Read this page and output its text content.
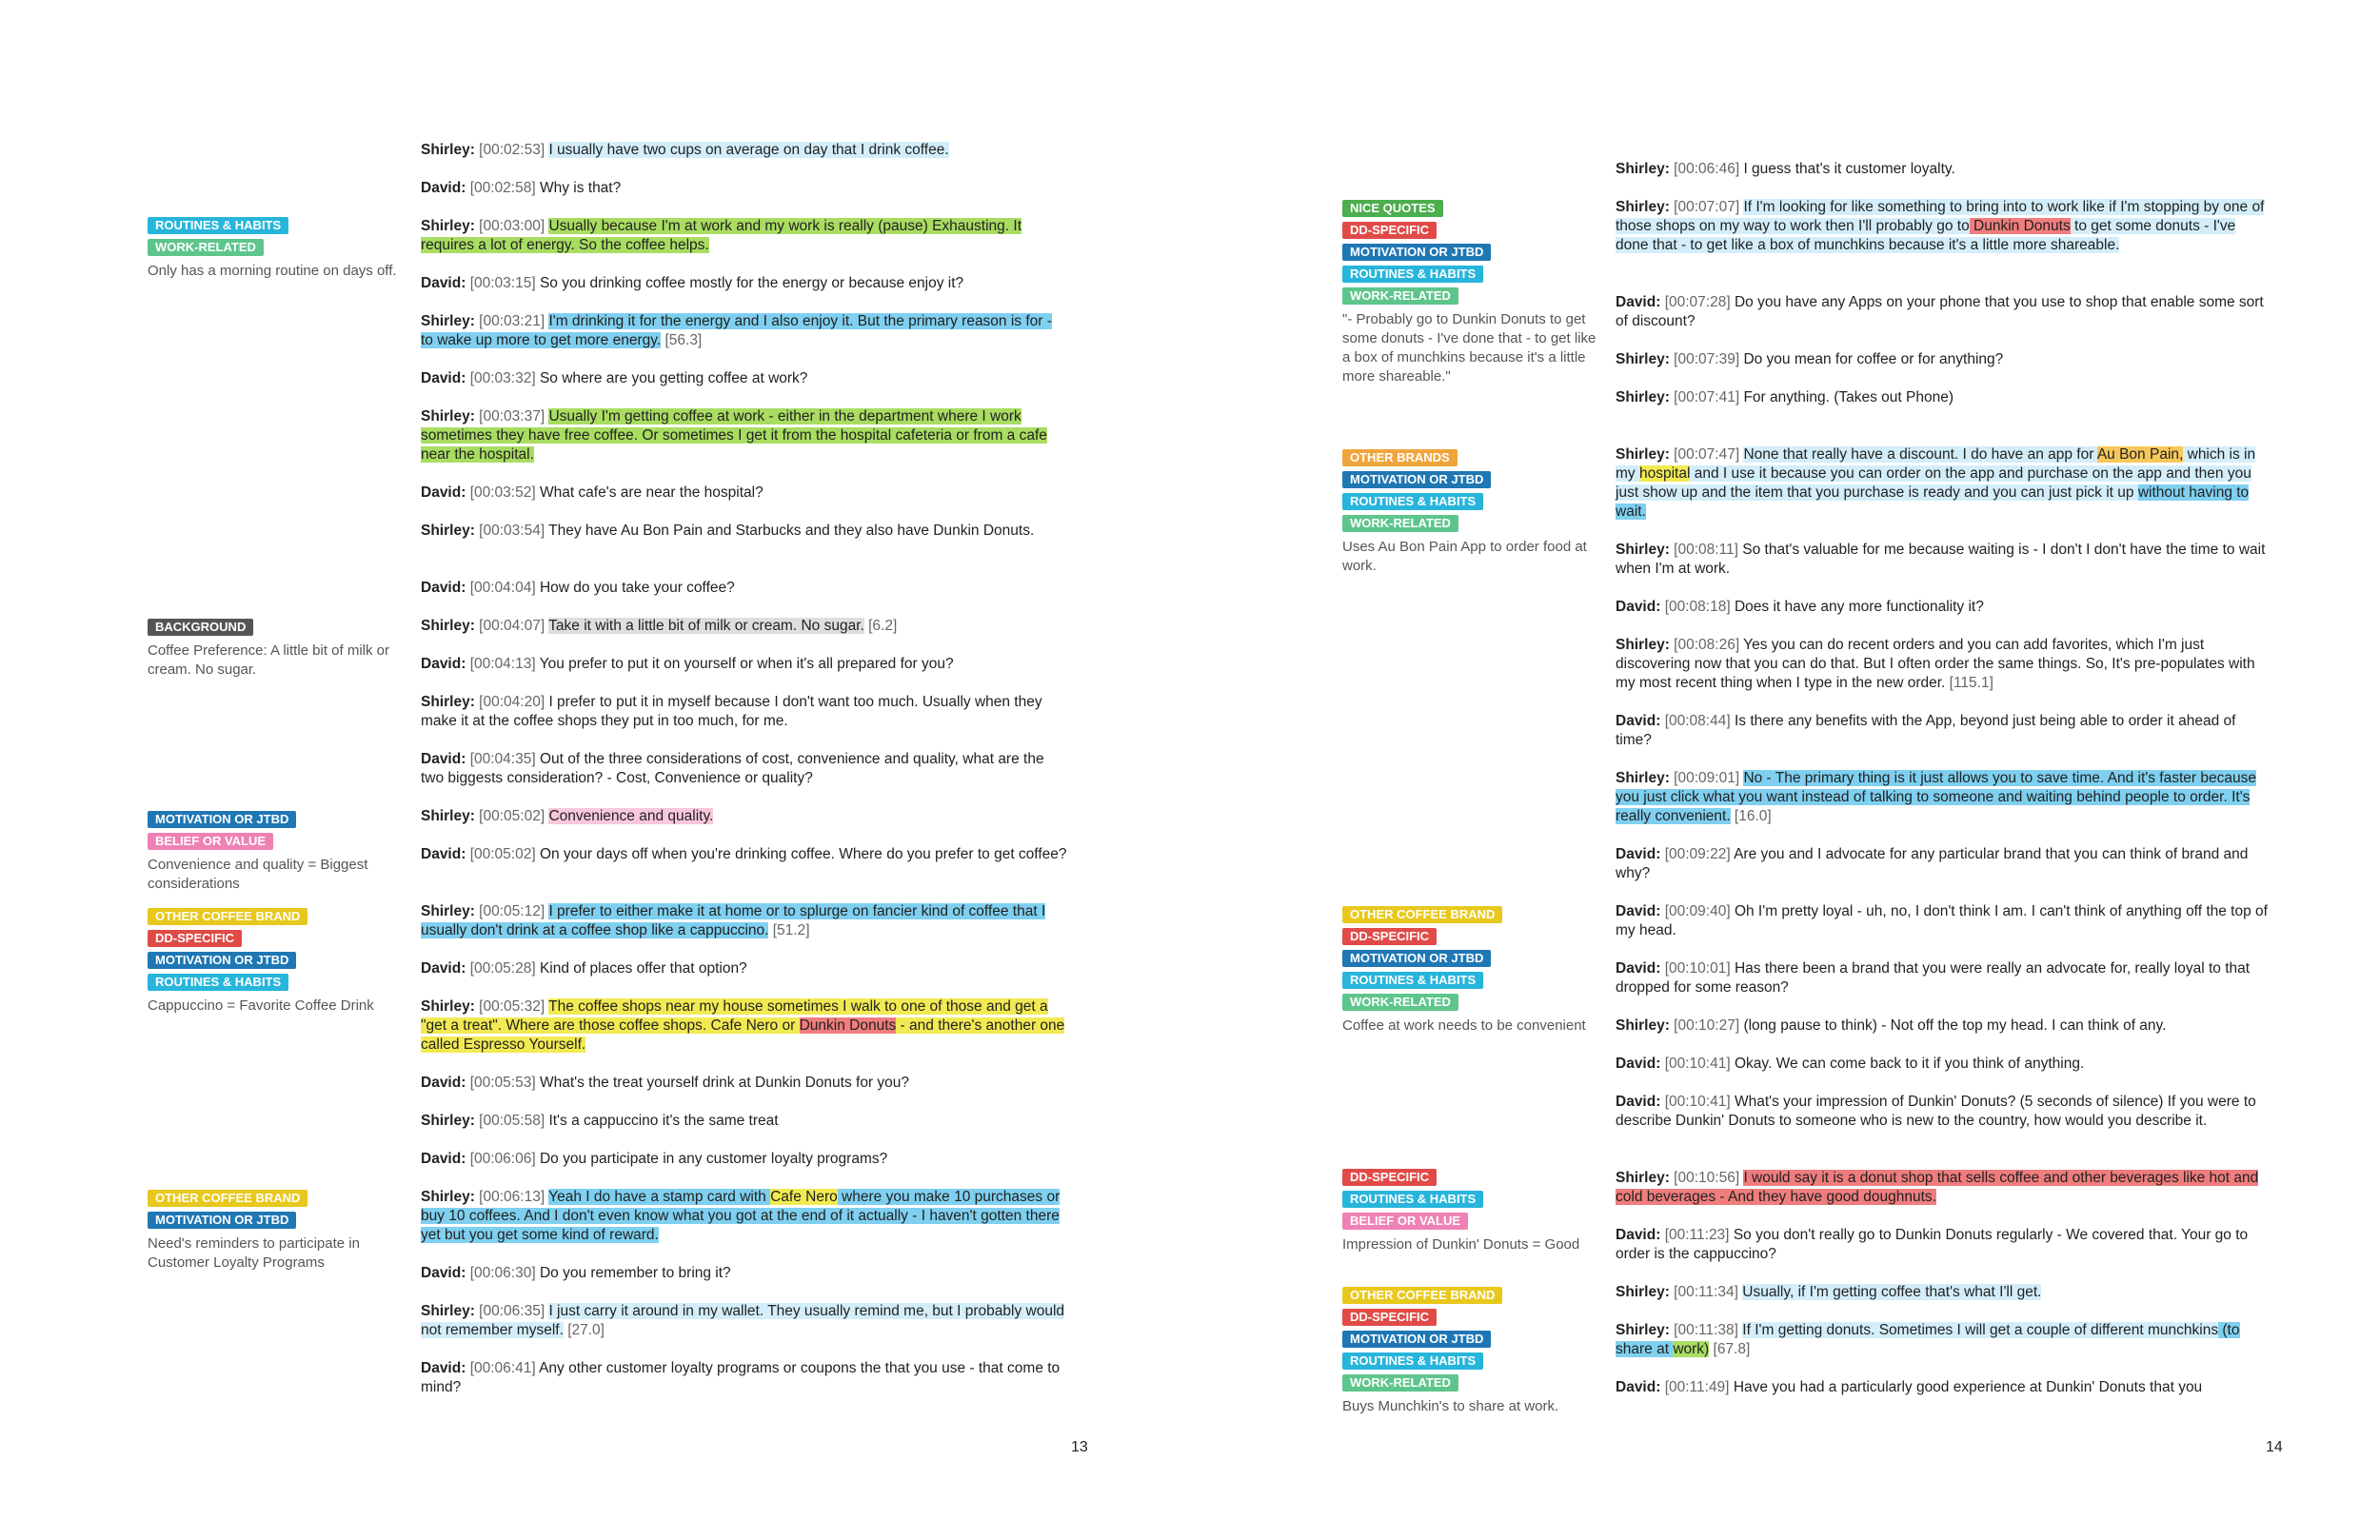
ROUTINES & HABITS
WORK-RELATED
Only has a morning routine on days off.
BACKGROUND
Coffee Preference: A little bit of milk or cream. No sugar.
MOTIVATION OR JTBD
BELIEF OR VALUE
Convenience and quality = Biggest considerations
OTHER COFFEE BRAND
DD-SPECIFIC
MOTIVATION OR JTBD
ROUTINES & HABITS
Cappuccino = Favorite Coffee Drink
OTHER COFFEE BRAND
MOTIVATION OR JTBD
Need's reminders to participate in Customer Loyalty Programs
Shirley: [00:02:53] I usually have two cups on average on day that I drink coffee.
David: [00:02:58] Why is that?
Shirley: [00:03:00] Usually because I'm at work and my work is really (pause) Exhausting. It requires a lot of energy. So the coffee helps.
David: [00:03:15] So you drinking coffee mostly for the energy or because enjoy it?
Shirley: [00:03:21] I'm drinking it for the energy and I also enjoy it. But the primary reason is for - to wake up more to get more energy. [56.3]
David: [00:03:32] So where are you getting coffee at work?
Shirley: [00:03:37] Usually I'm getting coffee at work - either in the department where I work sometimes they have free coffee. Or sometimes I get it from the hospital cafeteria or from a cafe near the hospital.
David: [00:03:52] What cafe's are near the hospital?
Shirley: [00:03:54] They have Au Bon Pain and Starbucks and they also have Dunkin Donuts.
David: [00:04:04] How do you take your coffee?
Shirley: [00:04:07] Take it with a little bit of milk or cream. No sugar. [6.2]
David: [00:04:13] You prefer to put it on yourself or when it's all prepared for you?
Shirley: [00:04:20] I prefer to put it in myself because I don't want too much. Usually when they make it at the coffee shops they put in too much, for me.
David: [00:04:35] Out of the three considerations of cost, convenience and quality, what are the two biggests consideration? - Cost, Convenience or quality?
Shirley: [00:05:02] Convenience and quality.
David: [00:05:02] On your days off when you're drinking coffee. Where do you prefer to get coffee?
Shirley: [00:05:12] I prefer to either make it at home or to splurge on fancier kind of coffee that I usually don't drink at a coffee shop like a cappuccino. [51.2]
David: [00:05:28] Kind of places offer that option?
Shirley: [00:05:32] The coffee shops near my house sometimes I walk to one of those and get a "get a treat". Where are those coffee shops. Cafe Nero or Dunkin Donuts - and there's another one called Espresso Yourself.
David: [00:05:53] What's the treat yourself drink at Dunkin Donuts for you?
Shirley: [00:05:58] It's a cappuccino it's the same treat
David: [00:06:06] Do you participate in any customer loyalty programs?
Shirley: [00:06:13] Yeah I do have a stamp card with Cafe Nero where you make 10 purchases or buy 10 coffees. And I don't even know what you got at the end of it actually - I haven't gotten there yet but you get some kind of reward.
David: [00:06:30] Do you remember to bring it?
Shirley: [00:06:35] I just carry it around in my wallet. They usually remind me, but I probably would not remember myself. [27.0]
David: [00:06:41] Any other customer loyalty programs or coupons the that you use - that come to mind?
13
NICE QUOTES
DD-SPECIFIC
MOTIVATION OR JTBD
ROUTINES & HABITS
WORK-RELATED
"- Probably go to Dunkin Donuts to get some donuts - I've done that - to get like a box of munchkins because it's a little more shareable."
OTHER BRANDS
MOTIVATION OR JTBD
ROUTINES & HABITS
WORK-RELATED
Uses Au Bon Pain App to order food at work.
OTHER COFFEE BRAND
DD-SPECIFIC
MOTIVATION OR JTBD
ROUTINES & HABITS
WORK-RELATED
Coffee at work needs to be convenient
DD-SPECIFIC
ROUTINES & HABITS
BELIEF OR VALUE
Impression of Dunkin' Donuts = Good
OTHER COFFEE BRAND
DD-SPECIFIC
MOTIVATION OR JTBD
ROUTINES & HABITS
WORK-RELATED
Buys Munchkin's to share at work.
Shirley: [00:06:46] I guess that's it customer loyalty.
Shirley: [00:07:07] If I'm looking for like something to bring into to work like if I'm stopping by one of those shops on my way to work then I'll probably go to Dunkin Donuts to get some donuts - I've done that - to get like a box of munchkins because it's a little more shareable.
David: [00:07:28] Do you have any Apps on your phone that you use to shop that enable some sort of discount?
Shirley: [00:07:39] Do you mean for coffee or for anything?
Shirley: [00:07:41] For anything. (Takes out Phone)
Shirley: [00:07:47] None that really have a discount. I do have an app for Au Bon Pain, which is in my hospital and I use it because you can order on the app and purchase on the app and then you just show up and the item that you purchase is ready and you can just pick it up without having to wait.
Shirley: [00:08:11] So that's valuable for me because waiting is - I don't I don't have the time to wait when I'm at work.
David: [00:08:18] Does it have any more functionality it?
Shirley: [00:08:26] Yes you can do recent orders and you can add favorites, which I'm just discovering now that you can do that. But I often order the same things. So, It's pre-populates with my most recent thing when I type in the new order. [115.1]
David: [00:08:44] Is there any benefits with the App, beyond just being able to order it ahead of time?
Shirley: [00:09:01] No - The primary thing is it just allows you to save time. And it's faster because you just click what you want instead of talking to someone and waiting behind people to order. It's really convenient. [16.0]
David: [00:09:22] Are you and I advocate for any particular brand that you can think of brand and why?
David: [00:09:40] Oh I'm pretty loyal - uh, no, I don't think I am. I can't think of anything off the top of my head.
David: [00:10:01] Has there been a brand that you were really an advocate for, really loyal to that dropped for some reason?
Shirley: [00:10:27] (long pause to think) - Not off the top my head. I can think of any.
David: [00:10:41] Okay. We can come back to it if you think of anything.
David: [00:10:41] What's your impression of Dunkin' Donuts? (5 seconds of silence) If you were to describe Dunkin' Donuts to someone who is new to the country, how would you describe it.
Shirley: [00:10:56] I would say it is a donut shop that sells coffee and other beverages like hot and cold beverages - And they have good doughnuts.
David: [00:11:23] So you don't really go to Dunkin Donuts regularly - We covered that. Your go to order is the cappuccino?
Shirley: [00:11:34] Usually, if I'm getting coffee that's what I'll get.
Shirley: [00:11:38] If I'm getting donuts. Sometimes I will get a couple of different munchkins (to share at work) [67.8]
David: [00:11:49] Have you had a particularly good experience at Dunkin' Donuts that you
14
